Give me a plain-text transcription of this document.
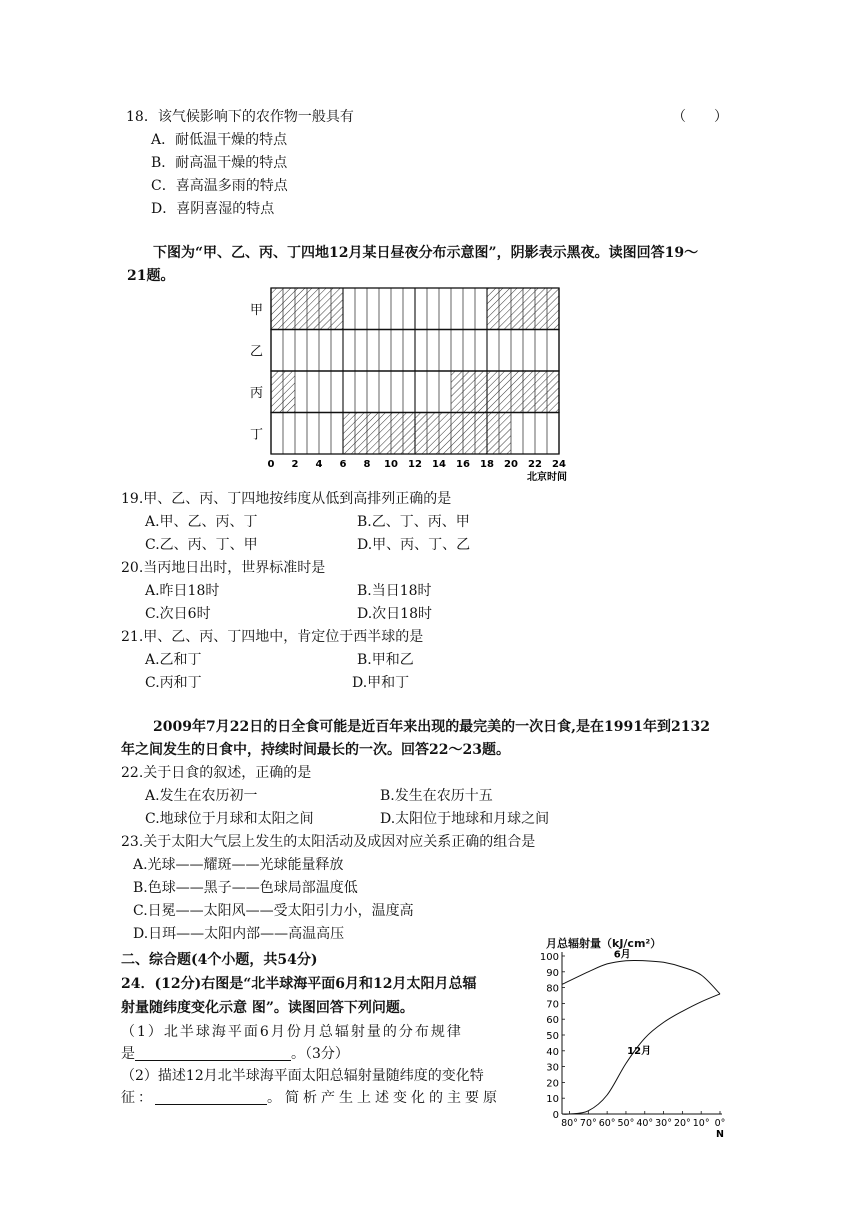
18．该气候影响下的农作物一般具有	（　　）
A．耐低温干燥的特点
B．耐高温干燥的特点
C．喜高温多雨的特点
D．喜阴喜湿的特点
下图为“甲、乙、丙、丁四地12月某日昼夜分布示意图”，阴影表示黑夜。读图回答19～
21题。
甲
乙
丙
丁
0 2 4 6 8 10 12 14 16 18 20 22 24
北京时间
19.甲、乙、丙、丁四地按纬度从低到高排列正确的是
A.甲、乙、丙、丁	B.乙、丁、丙、甲
C.乙、丙、丁、甲	D.甲、丙、丁、乙
20.当丙地日出时，世界标准时是
A.昨日18时	B.当日18时
C.次日6时	D.次日18时
21.甲、乙、丙、丁四地中，肯定位于西半球的是
A.乙和丁	B.甲和乙
C.丙和丁	D.甲和丁
2009年7月22日的日全食可能是近百年来出现的最完美的一次日食,是在1991年到2132
年之间发生的日食中，持续时间最长的一次。回答22～23题。
22.关于日食的叙述，正确的是
A.发生在农历初一	B.发生在农历十五
C.地球位于月球和太阳之间	D.太阳位于地球和月球之间
23.关于太阳大气层上发生的太阳活动及成因对应关系正确的组合是
A.光球——耀斑——光球能量释放
B.色球——黑子——色球局部温度低
C.日冕——太阳风——受太阳引力小，温度高
D.日珥——太阳内部——高温高压
二、综合题(4个小题，共54分)
24．(12分)右图是“北半球海平面6月和12月太阳月总辐
射量随纬度变化示意 图”。读图回答下列问题。
（1）北半球海平面6月份月总辐射量的分布规律
是	。（3分）
（2）描述12月北半球海平面太阳总辐射量随纬度的变化特
征：	。简析产生上述变化的主要原
月总辐射量（kJ/cm²）
0
10
20
30
40
50
60
70
80
90
100
80° 70° 60° 50° 40° 30° 20° 10° 0°
N
6月
12月
